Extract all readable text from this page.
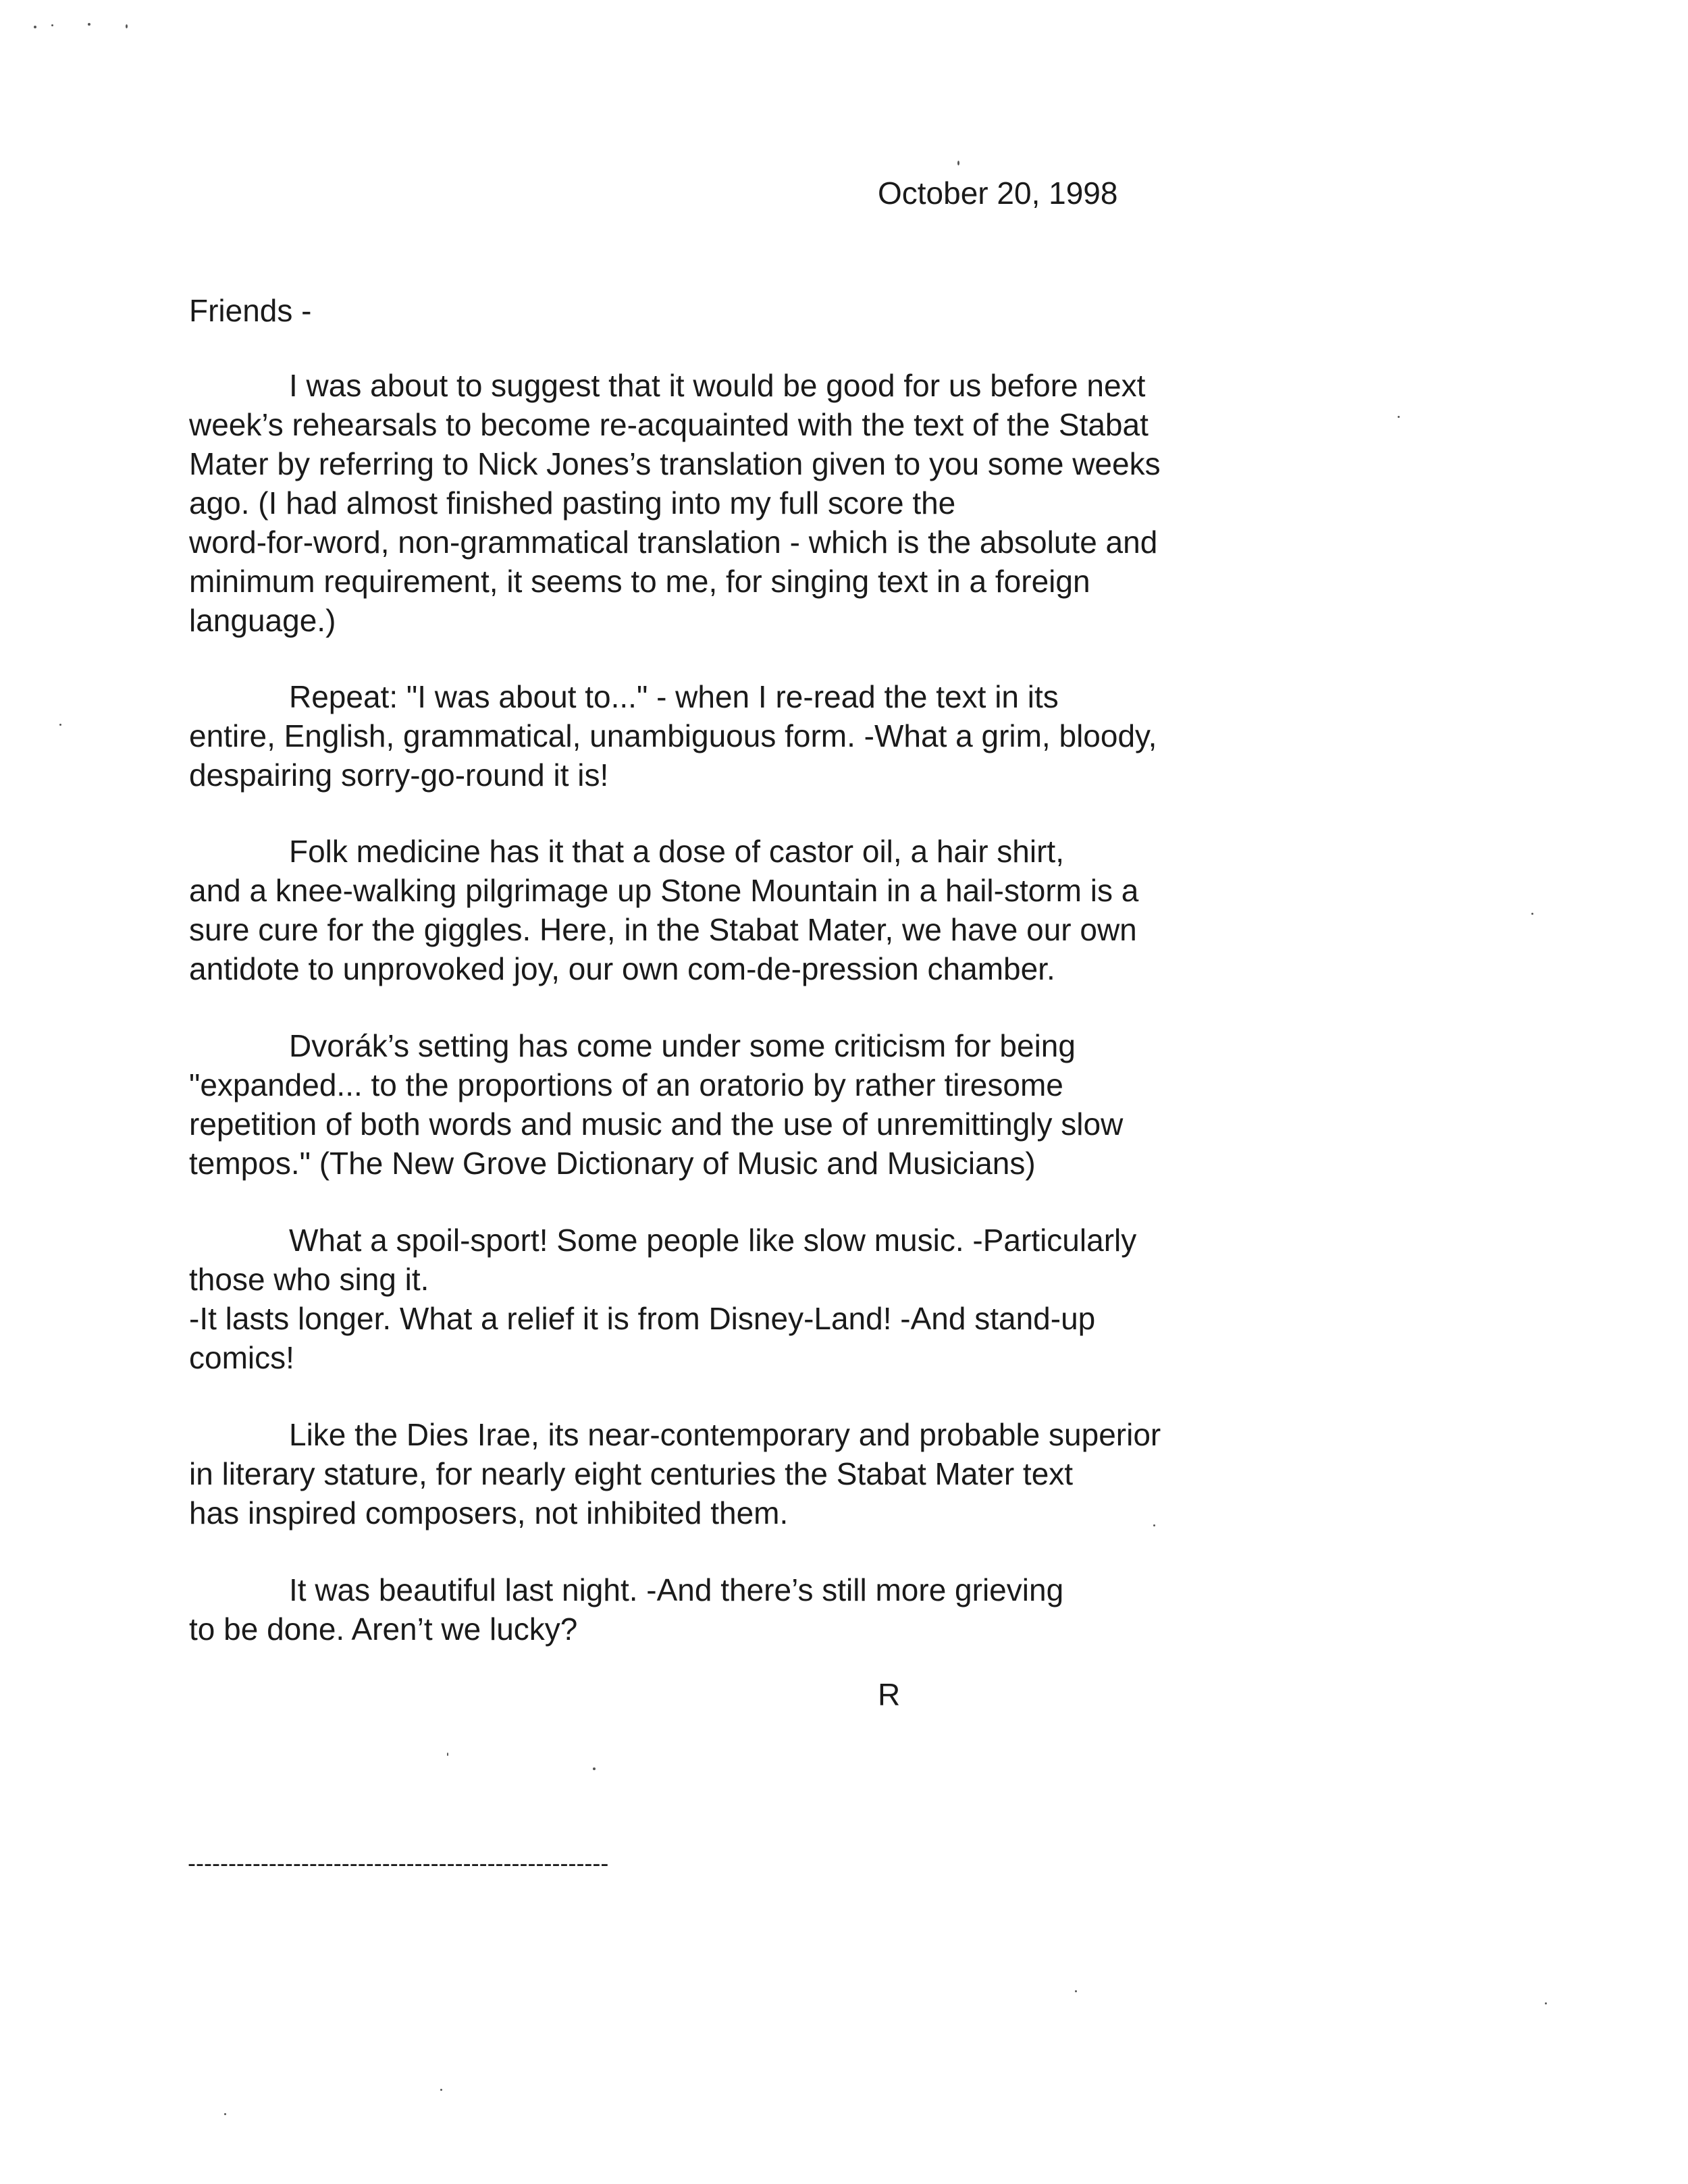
October 20, 1998
Friends -
I was about to suggest that it would be good for us before next
week’s rehearsals to become re-acquainted with the text of the Stabat
Mater by referring to Nick Jones’s translation given to you some weeks
ago. (I had almost finished pasting into my full score the
word-for-word, non-grammatical translation - which is the absolute and
minimum requirement, it seems to me, for singing text in a foreign
language.)
Repeat: "I was about to..." - when I re-read the text in its
entire, English, grammatical, unambiguous form. -What a grim, bloody,
despairing sorry-go-round it is!
Folk medicine has it that a dose of castor oil, a hair shirt,
and a knee-walking pilgrimage up Stone Mountain in a hail-storm is a
sure cure for the giggles. Here, in the Stabat Mater, we have our own
antidote to unprovoked joy, our own com-de-pression chamber.
Dvorák’s setting has come under some criticism for being
"expanded... to the proportions of an oratorio by rather tiresome
repetition of both words and music and the use of unremittingly slow
tempos." (The New Grove Dictionary of Music and Musicians)
What a spoil-sport! Some people like slow music. -Particularly
those who sing it.
-It lasts longer. What a relief it is from Disney-Land! -And stand-up
comics!
Like the Dies Irae, its near-contemporary and probable superior
in literary stature, for nearly eight centuries the Stabat Mater text
has inspired composers, not inhibited them.
It was beautiful last night. -And there’s still more grieving
to be done. Aren’t we lucky?
R
----------------------------------------------------
